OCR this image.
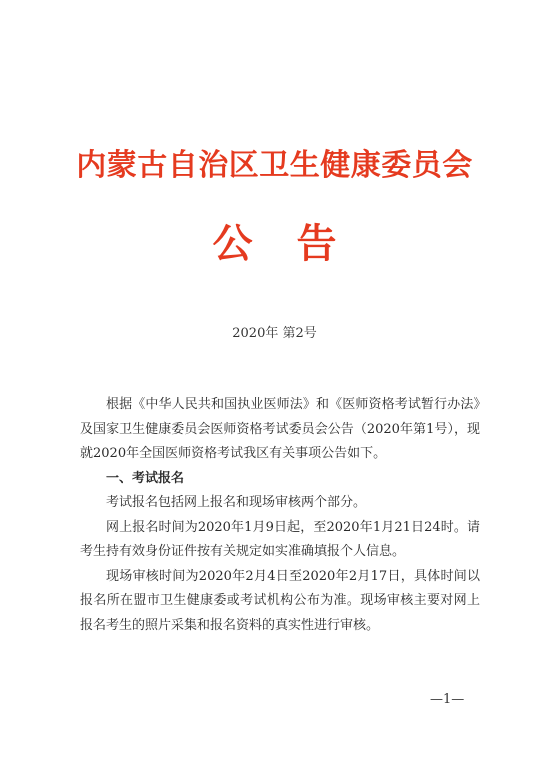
内蒙古自治区卫生健康委员会
公告
2020年 第2号

根据《中华人民共和国执业医师法》和《医师资格考试暂行办法》及国家卫生健康委员会医师资格考试委员会公告（2020年第1号），现就2020年全国医师资格考试我区有关事项公告如下。

一、考试报名

考试报名包括网上报名和现场审核两个部分。

网上报名时间为2020年1月9日起，至2020年1月21日24时。请考生持有效身份证件按有关规定如实准确填报个人信息。

现场审核时间为2020年2月4日至2020年2月17日，具体时间以报名所在盟市卫生健康委或考试机构公布为准。现场审核主要对网上报名考生的照片采集和报名资料的真实性进行审核。

—1—
